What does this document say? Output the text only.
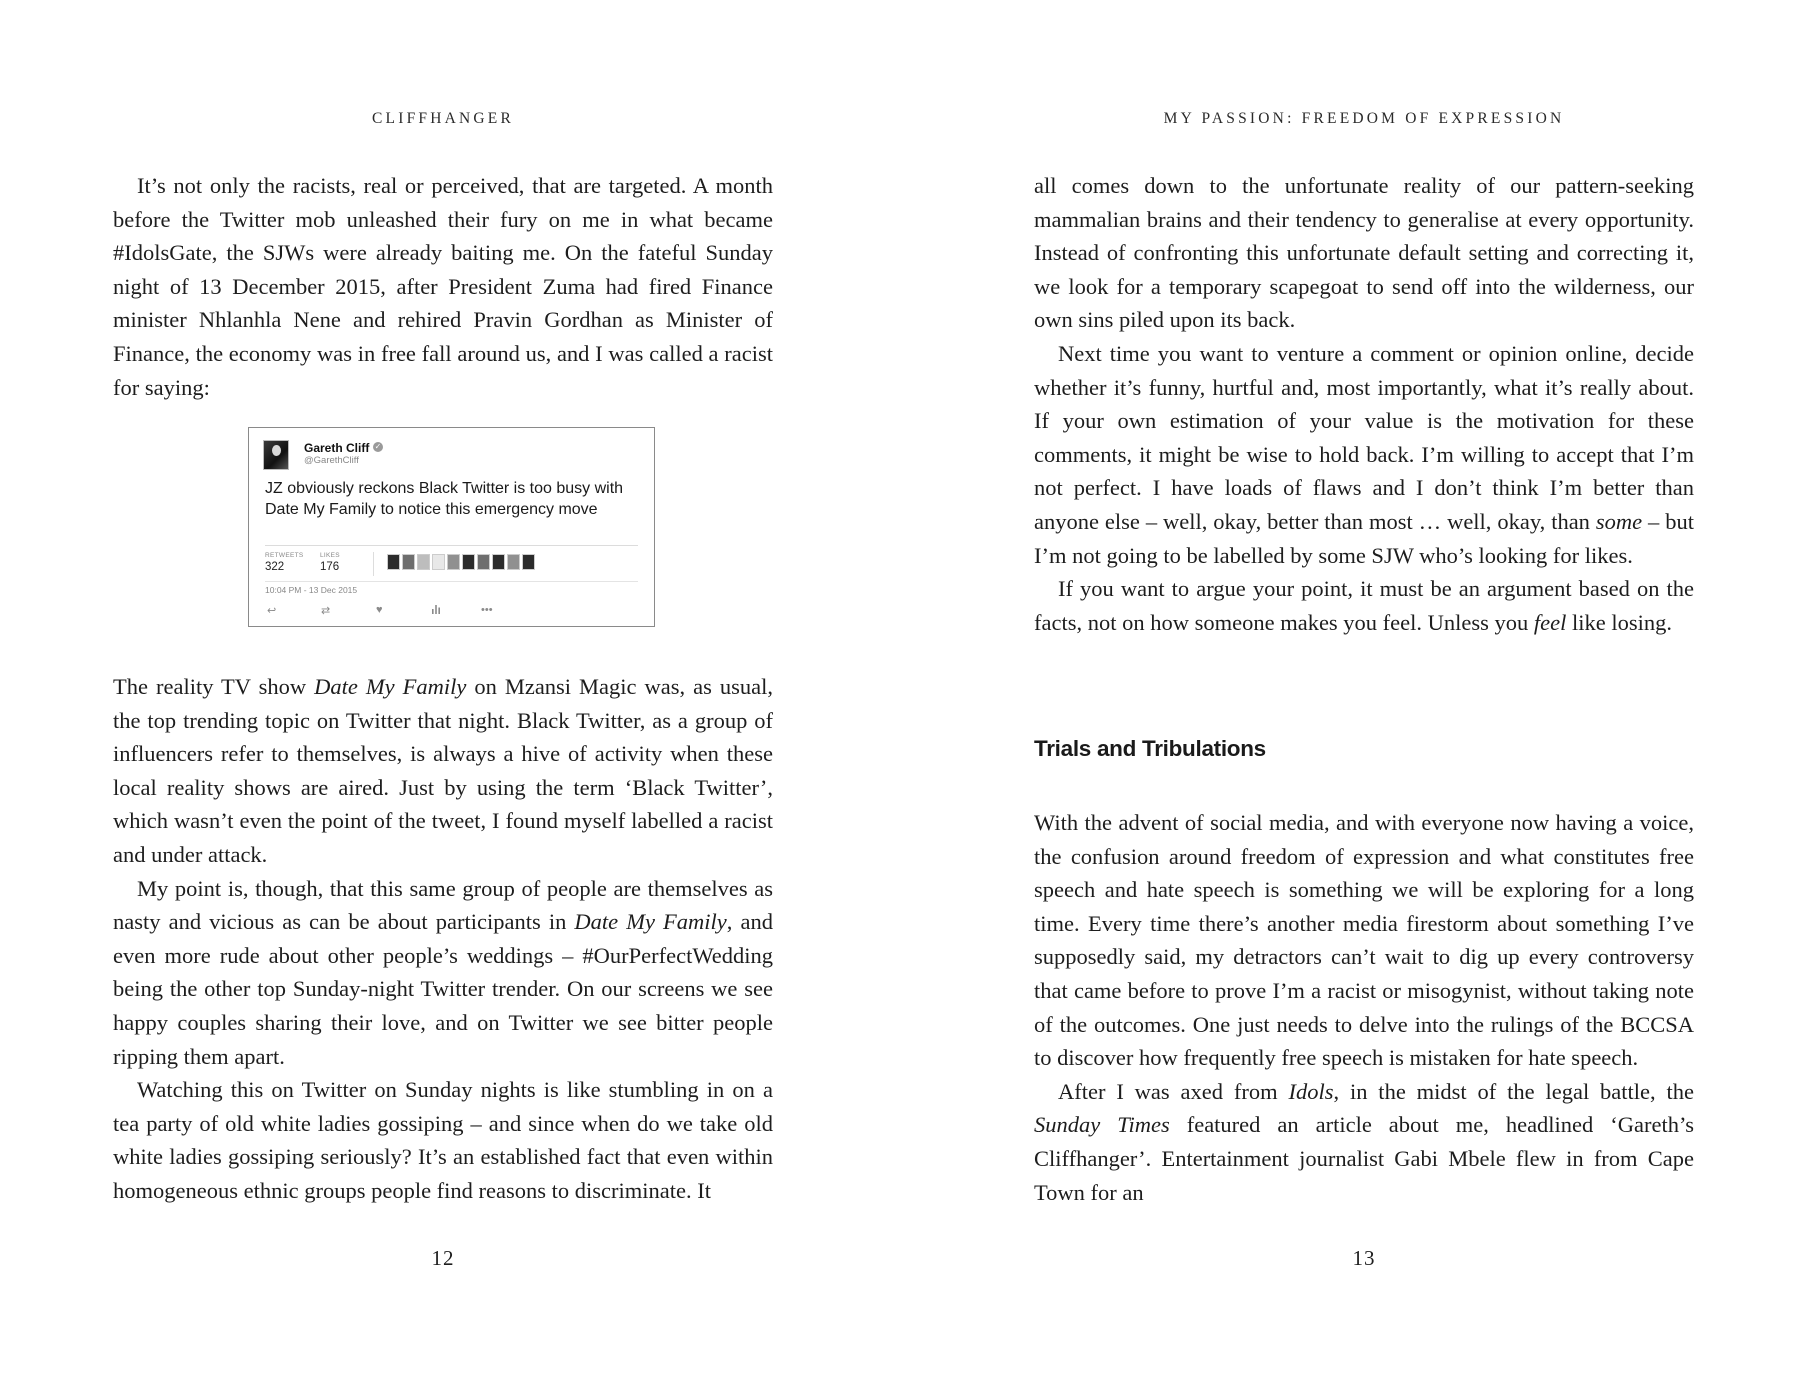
CLIFFHANGER

It’s not only the racists, real or perceived, that are targeted. A month before the Twitter mob unleashed their fury on me in what became #IdolsGate, the SJWs were already baiting me. On the fateful Sunday night of 13 December 2015, after President Zuma had fired Finance minister Nhlanhla Nene and rehired Pravin Gordhan as Minister of Finance, the economy was in free fall around us, and I was called a racist for saying:

Gareth Cliff ✓
@GarethCliff
JZ obviously reckons Black Twitter is too busy with Date My Family to notice this emergency move
RETWEETS
322
LIKES
176
10:04 PM - 13 Dec 2015
↩	⇄	♥	•••

The reality TV show Date My Family on Mzansi Magic was, as usual, the top trending topic on Twitter that night. Black Twitter, as a group of influencers refer to themselves, is always a hive of activity when these local reality shows are aired. Just by using the term ‘Black Twitter’, which wasn’t even the point of the tweet, I found myself labelled a racist and under attack.

My point is, though, that this same group of people are themselves as nasty and vicious as can be about participants in Date My Family, and even more rude about other people’s weddings – #OurPerfectWedding being the other top Sunday-night Twitter trender. On our screens we see happy couples sharing their love, and on Twitter we see bitter people ripping them apart.

Watching this on Twitter on Sunday nights is like stumbling in on a tea party of old white ladies gossiping – and since when do we take old white ladies gossiping seriously? It’s an established fact that even within homogeneous ethnic groups people find reasons to discriminate. It

12
MY PASSION: FREEDOM OF EXPRESSION

all comes down to the unfortunate reality of our pattern-seeking mammalian brains and their tendency to generalise at every opportunity. Instead of confronting this unfortunate default setting and correcting it, we look for a temporary scapegoat to send off into the wilderness, our own sins piled upon its back.

Next time you want to venture a comment or opinion online, decide whether it’s funny, hurtful and, most importantly, what it’s really about. If your own estimation of your value is the motivation for these comments, it might be wise to hold back. I’m willing to accept that I’m not perfect. I have loads of flaws and I don’t think I’m better than anyone else – well, okay, better than most … well, okay, than some – but I’m not going to be labelled by some SJW who’s looking for likes.

If you want to argue your point, it must be an argument based on the facts, not on how someone makes you feel. Unless you feel like losing.

Trials and Tribulations

With the advent of social media, and with everyone now having a voice, the confusion around freedom of expression and what constitutes free speech and hate speech is something we will be exploring for a long time. Every time there’s another media firestorm about something I’ve supposedly said, my detractors can’t wait to dig up every controversy that came before to prove I’m a racist or misogynist, without taking note of the outcomes. One just needs to delve into the rulings of the BCCSA to discover how frequently free speech is mistaken for hate speech.

After I was axed from Idols, in the midst of the legal battle, the Sunday Times featured an article about me, headlined ‘Gareth’s Cliffhanger’. Entertainment journalist Gabi Mbele flew in from Cape Town for an

13
